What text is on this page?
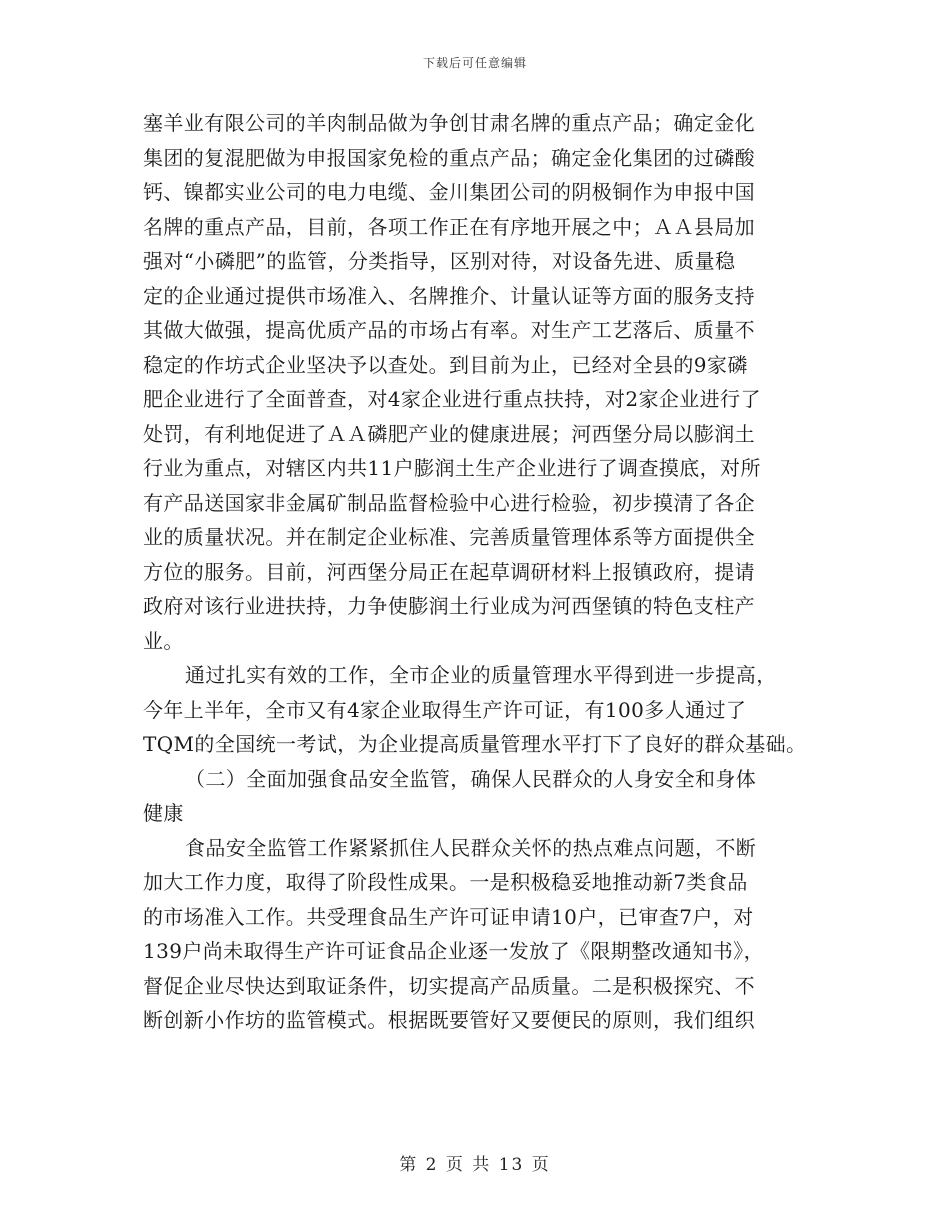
下载后可任意编辑
塞羊业有限公司的羊肉制品做为争创甘肃名牌的重点产品；确定金化
集团的复混肥做为申报国家免检的重点产品；确定金化集团的过磷酸
钙、镍都实业公司的电力电缆、金川集团公司的阴极铜作为申报中国
名牌的重点产品，目前，各项工作正在有序地开展之中；ＡＡ县局加
强对“小磷肥”的监管，分类指导，区别对待，对设备先进、质量稳
定的企业通过提供市场准入、名牌推介、计量认证等方面的服务支持
其做大做强，提高优质产品的市场占有率。对生产工艺落后、质量不
稳定的作坊式企业坚决予以查处。到目前为止，已经对全县的9家磷
肥企业进行了全面普查，对4家企业进行重点扶持，对2家企业进行了
处罚，有利地促进了ＡＡ磷肥产业的健康进展；河西堡分局以膨润土
行业为重点，对辖区内共11户膨润土生产企业进行了调查摸底，对所
有产品送国家非金属矿制品监督检验中心进行检验，初步摸清了各企
业的质量状况。并在制定企业标准、完善质量管理体系等方面提供全
方位的服务。目前，河西堡分局正在起草调研材料上报镇政府，提请
政府对该行业进扶持，力争使膨润土行业成为河西堡镇的特色支柱产
业。
通过扎实有效的工作，全市企业的质量管理水平得到进一步提高，
今年上半年，全市又有4家企业取得生产许可证，有100多人通过了
TQM的全国统一考试，为企业提高质量管理水平打下了良好的群众基础。
（二）全面加强食品安全监管，确保人民群众的人身安全和身体
健康
食品安全监管工作紧紧抓住人民群众关怀的热点难点问题，不断
加大工作力度，取得了阶段性成果。一是积极稳妥地推动新7类食品
的市场准入工作。共受理食品生产许可证申请10户，已审查7户，对
139户尚未取得生产许可证食品企业逐一发放了《限期整改通知书》，
督促企业尽快达到取证条件，切实提高产品质量。二是积极探究、不
断创新小作坊的监管模式。根据既要管好又要便民的原则，我们组织
第 2 页 共 13 页
